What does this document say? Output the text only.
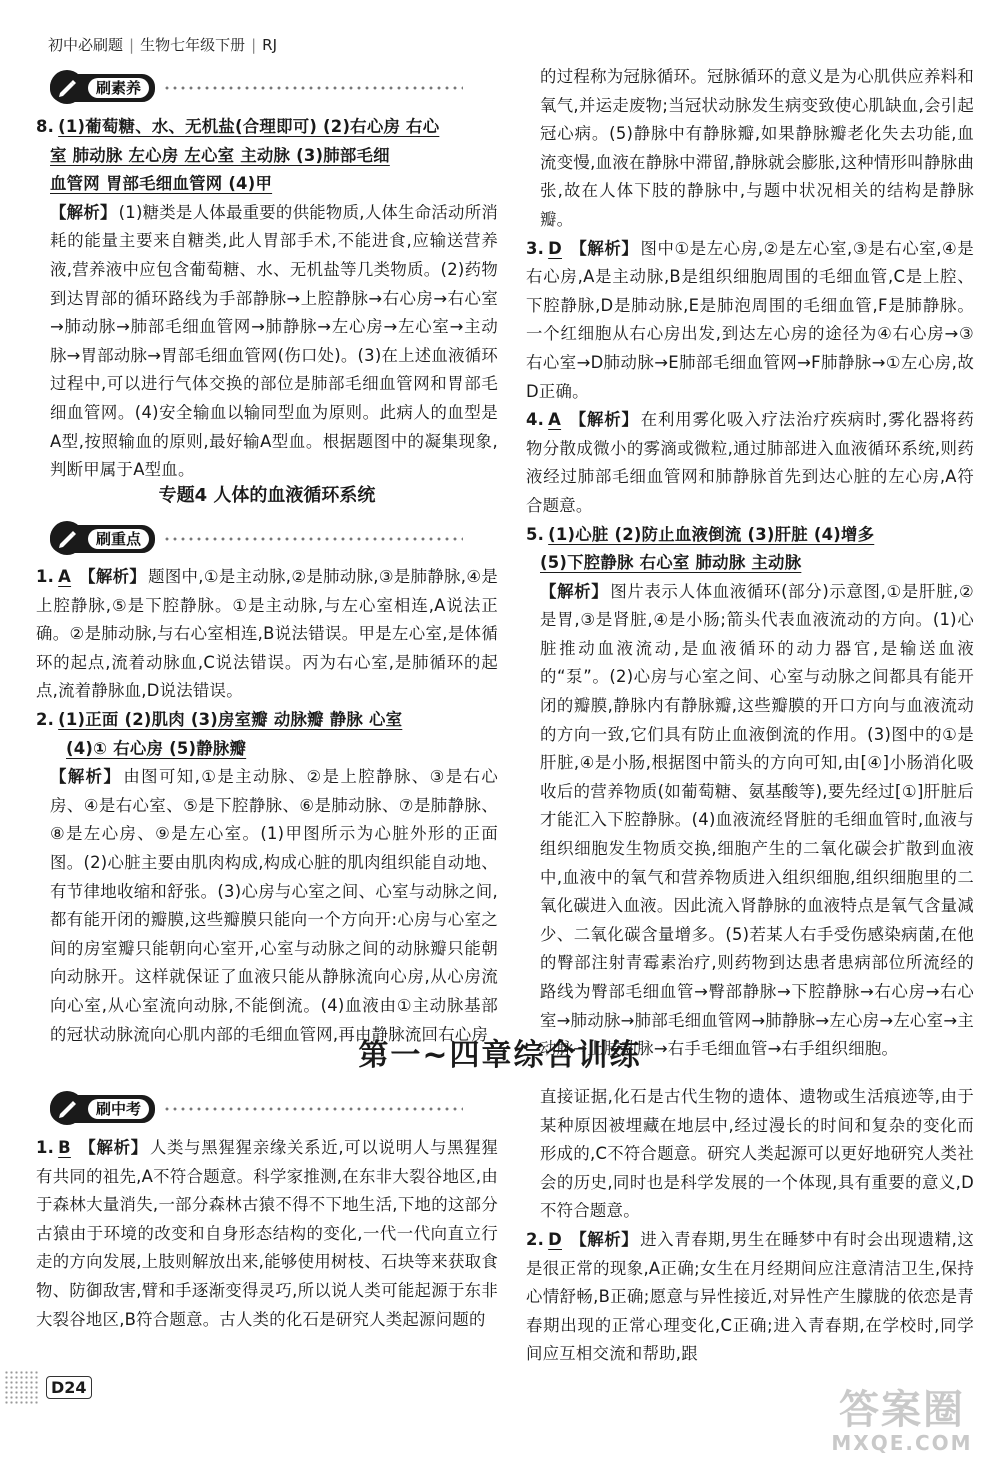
初中必刷题 | 生物七年级下册 | RJ
刷素养

8. (1)葡萄糖、水、无机盐(合理即可) (2)右心房 右心

室 肺动脉 左心房 左心室 主动脉 (3)肺部毛细

血管网 胃部毛细血管网 (4)甲

【解析】 (1)糖类是人体最重要的供能物质,人体生命活动所消耗的能量主要来自糖类,此人胃部手术,不能进食,应输送营养液,营养液中应包含葡萄糖、水、无机盐等几类物质。(2)药物到达胃部的循环路线为手部静脉→上腔静脉→右心房→右心室→肺动脉→肺部毛细血管网→肺静脉→左心房→左心室→主动脉→胃部动脉→胃部毛细血管网(伤口处)。(3)在上述血液循环过程中,可以进行气体交换的部位是肺部毛细血管网和胃部毛细血管网。(4)安全输血以输同型血为原则。此病人的血型是A型,按照输血的原则,最好输A型血。根据题图中的凝集现象,判断甲属于A型血。

专题4 人体的血液循环系统
刷重点

1. A 【解析】 题图中,①是主动脉,②是肺动脉,③是肺静脉,④是上腔静脉,⑤是下腔静脉。①是主动脉,与左心室相连,A说法正确。②是肺动脉,与右心室相连,B说法错误。甲是左心室,是体循环的起点,流着动脉血,C说法错误。丙为右心室,是肺循环的起点,流着静脉血,D说法错误。

2. (1)正面 (2)肌肉 (3)房室瓣 动脉瓣 静脉 心室

(4)① 右心房 (5)静脉瓣

【解析】 由图可知,①是主动脉、②是上腔静脉、③是右心房、④是右心室、⑤是下腔静脉、⑥是肺动脉、⑦是肺静脉、⑧是左心房、⑨是左心室。(1)甲图所示为心脏外形的正面图。(2)心脏主要由肌肉构成,构成心脏的肌肉组织能自动地、有节律地收缩和舒张。(3)心房与心室之间、心室与动脉之间,都有能开闭的瓣膜,这些瓣膜只能向一个方向开:心房与心室之间的房室瓣只能朝向心室开,心室与动脉之间的动脉瓣只能朝向动脉开。这样就保证了血液只能从静脉流向心房,从心房流向心室,从心室流向动脉,不能倒流。(4)血液由①主动脉基部的冠状动脉流向心肌内部的毛细血管网,再由静脉流回右心房

的过程称为冠脉循环。冠脉循环的意义是为心肌供应养料和氧气,并运走废物;当冠状动脉发生病变致使心肌缺血,会引起冠心病。(5)静脉中有静脉瓣,如果静脉瓣老化失去功能,血流变慢,血液在静脉中滞留,静脉就会膨胀,这种情形叫静脉曲张,故在人体下肢的静脉中,与题中状况相关的结构是静脉瓣。

3. D 【解析】 图中①是左心房,②是左心室,③是右心室,④是右心房,A是主动脉,B是组织细胞周围的毛细血管,C是上腔、下腔静脉,D是肺动脉,E是肺泡周围的毛细血管,F是肺静脉。一个红细胞从右心房出发,到达左心房的途径为④右心房→③右心室→D肺动脉→E肺部毛细血管网→F肺静脉→①左心房,故D正确。

4. A 【解析】 在利用雾化吸入疗法治疗疾病时,雾化器将药物分散成微小的雾滴或微粒,通过肺部进入血液循环系统,则药液经过肺部毛细血管网和肺静脉首先到达心脏的左心房,A符合题意。

5. (1)心脏 (2)防止血液倒流 (3)肝脏 (4)增多

(5)下腔静脉 右心室 肺动脉 主动脉

【解析】 图片表示人体血液循环(部分)示意图,①是肝脏,②是胃,③是肾脏,④是小肠;箭头代表血液流动的方向。(1)心脏推动血液流动,是血液循环的动力器官,是输送血液的“泵”。(2)心房与心室之间、心室与动脉之间都具有能开闭的瓣膜,静脉内有静脉瓣,这些瓣膜的开口方向与血液流动的方向一致,它们具有防止血液倒流的作用。(3)图中的①是肝脏,④是小肠,根据图中箭头的方向可知,由[④]小肠消化吸收后的营养物质(如葡萄糖、氨基酸等),要先经过[①]肝脏后才能汇入下腔静脉。(4)血液流经肾脏的毛细血管时,血液与组织细胞发生物质交换,细胞产生的二氧化碳会扩散到血液中,血液中的氧气和营养物质进入组织细胞,组织细胞里的二氧化碳进入血液。因此流入肾静脉的血液特点是氧气含量减少、二氧化碳含量增多。(5)若某人右手受伤感染病菌,在他的臀部注射青霉素治疗,则药物到达患者患病部位所流经的路线为臀部毛细血管→臀部静脉→下腔静脉→右心房→右心室→肺动脉→肺部毛细血管网→肺静脉→左心房→左心室→主动脉→上肢动脉→右手毛细血管→右手组织细胞。

第一~四章综合训练
刷中考

1. B 【解析】 人类与黑猩猩亲缘关系近,可以说明人与黑猩猩有共同的祖先,A不符合题意。科学家推测,在东非大裂谷地区,由于森林大量消失,一部分森林古猿不得不下地生活,下地的这部分古猿由于环境的改变和自身形态结构的变化,一代一代向直立行走的方向发展,上肢则解放出来,能够使用树枝、石块等来获取食物、防御敌害,臂和手逐渐变得灵巧,所以说人类可能起源于东非大裂谷地区,B符合题意。古人类的化石是研究人类起源问题的

直接证据,化石是古代生物的遗体、遗物或生活痕迹等,由于某种原因被埋藏在地层中,经过漫长的时间和复杂的变化而形成的,C不符合题意。研究人类起源可以更好地研究人类社会的历史,同时也是科学发展的一个体现,具有重要的意义,D不符合题意。

2. D 【解析】 进入青春期,男生在睡梦中有时会出现遗精,这是很正常的现象,A正确;女生在月经期间应注意清洁卫生,保持心情舒畅,B正确;愿意与异性接近,对异性产生朦胧的依恋是青春期出现的正常心理变化,C正确;进入青春期,在学校时,同学间应互相交流和帮助,跟

D24	答案圈
MXQE.COM
